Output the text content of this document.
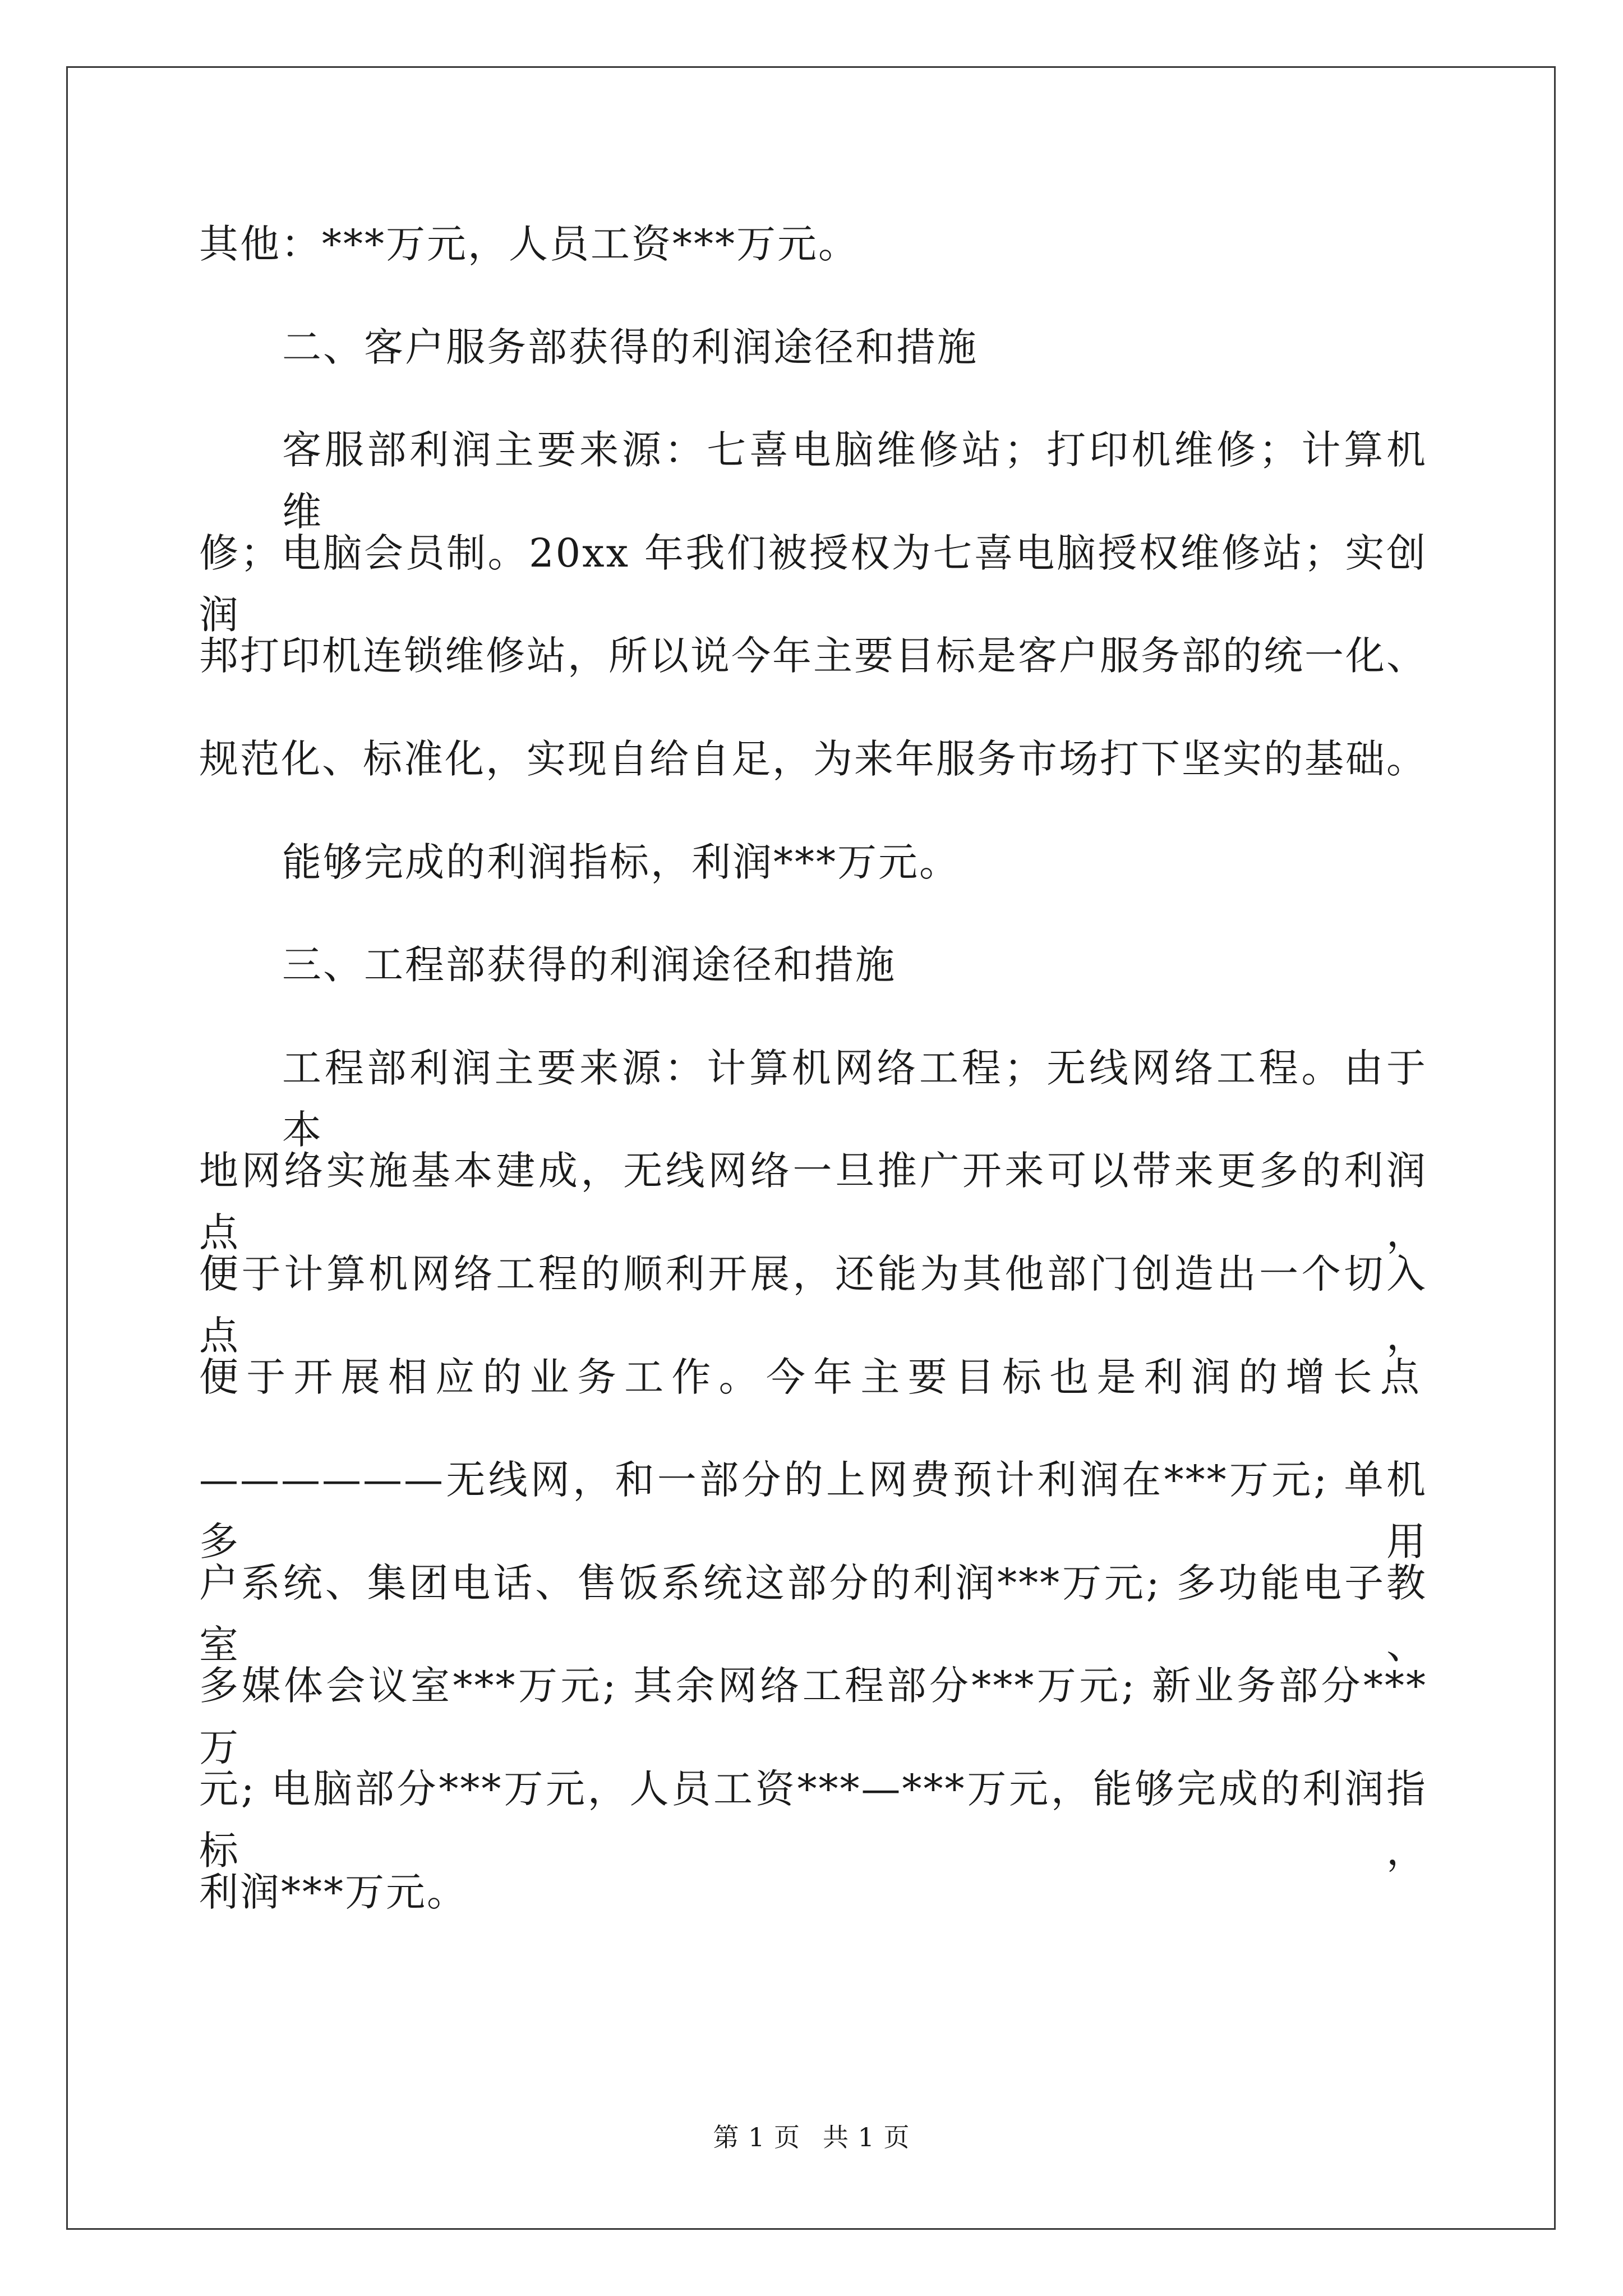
其他：***万元，人员工资***万元。
二、客户服务部获得的利润途径和措施
客服部利润主要来源：七喜电脑维修站；打印机维修；计算机维
修；电脑会员制。20xx 年我们被授权为七喜电脑授权维修站；实创润
邦打印机连锁维修站，所以说今年主要目标是客户服务部的统一化、
规范化、标准化，实现自给自足，为来年服务市场打下坚实的基础。
能够完成的利润指标，利润***万元。
三、工程部获得的利润途径和措施
工程部利润主要来源：计算机网络工程；无线网络工程。由于本
地网络实施基本建成，无线网络一旦推广开来可以带来更多的利润点，
便于计算机网络工程的顺利开展，还能为其他部门创造出一个切入点，
便于开展相应的业务工作。今年主要目标也是利润的增长点
——————无线网，和一部分的上网费预计利润在***万元; 单机多用
户系统、集团电话、售饭系统这部分的利润***万元; 多功能电子教室、
多媒体会议室***万元; 其余网络工程部分***万元; 新业务部分***万
元; 电脑部分***万元，人员工资***—***万元，能够完成的利润指标，
利润***万元。
第 1 页 共 1 页
